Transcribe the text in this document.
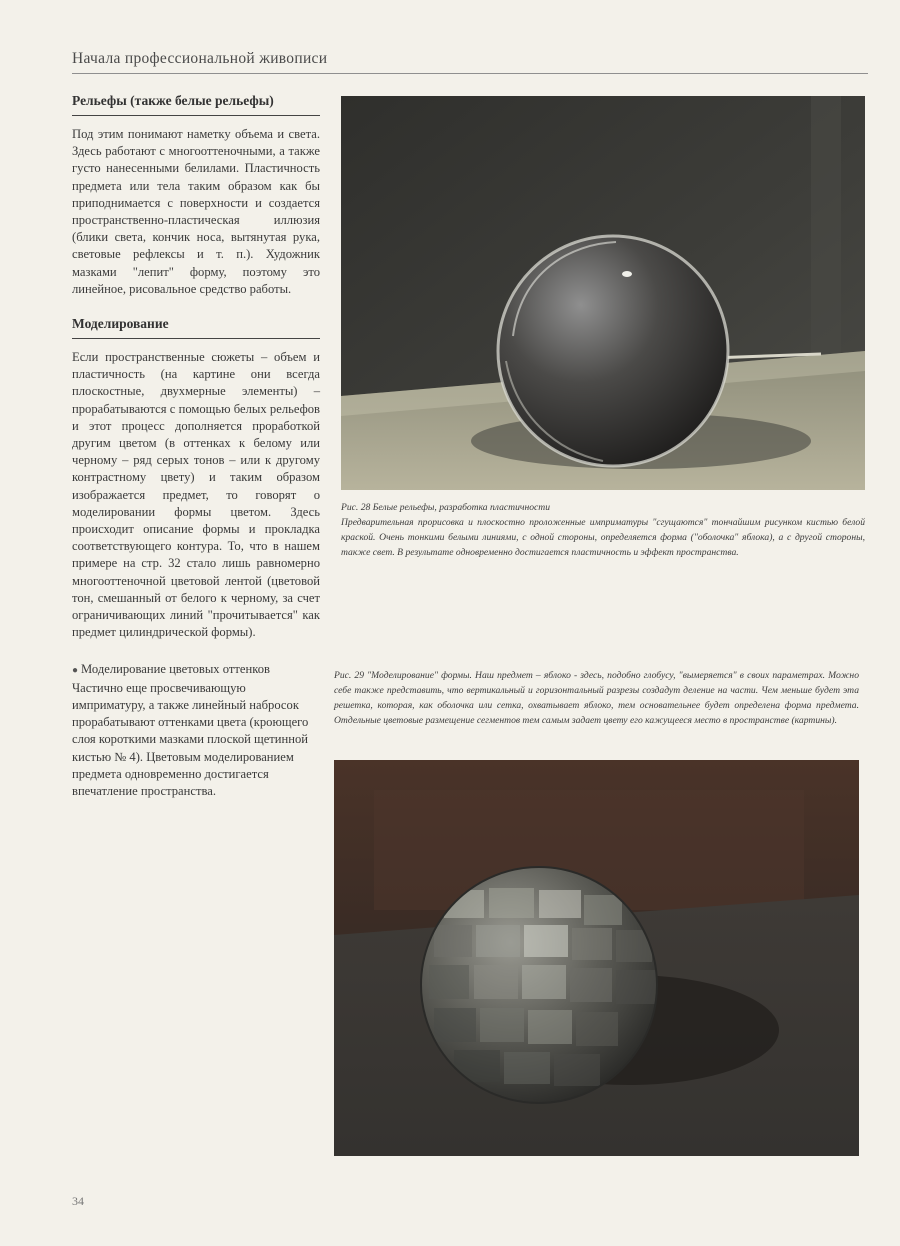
Начала профессиональной живописи
Рельефы (также белые рельефы)

Под этим понимают наметку объема и света. Здесь работают с многооттеночными, а также густо нанесенными белилами. Пластичность предмета или тела таким образом как бы приподнимается с поверхности и создается пространственно-пластическая иллюзия (блики света, кончик носа, вытянутая рука, световые рефлексы и т. п.). Художник мазками "лепит" форму, поэтому это линейное, рисовальное средство работы.

Моделирование

Если пространственные сюжеты – объем и пластичность (на картине они всегда плоскостные, двухмерные элементы) – прорабатываются с помощью белых рельефов и этот процесс дополняется проработкой другим цветом (в оттенках к белому или черному – ряд серых тонов – или к другому контрастному цвету) и таким образом изображается предмет, то говорят о моделировании формы цветом. Здесь происходит описание формы и прокладка соответствующего контура. То, что в нашем примере на стр. 32 стало лишь равномерно многооттеночной цветовой лентой (цветовой тон, смешанный от белого к черному, за счет ограничивающих линий "прочитывается" как предмет цилиндрической формы).

● Моделирование цветовых оттенков

Частично еще просвечивающую имприматуру, а также линейный набросок прорабатывают оттенками цвета (кроющего слоя короткими мазками плоской щетинной кистью № 4). Цветовым моделированием предмета одновременно достигается впечатление пространства.

Рис. 28 Белые рельефы, разработка пластичности
Предварительная прорисовка и плоскостно проложенные имприматуры "сгущаются" тончайшим рисунком кистью белой краской. Очень тонкими белыми линиями, с одной стороны, определяется форма ("оболочка" яблока), а с другой стороны, также свет. В результате одновременно достигается пластичность и эффект пространства.
Рис. 29 "Моделирование" формы. Наш предмет – яблоко - здесь, подобно глобусу, "вымеряется" в своих параметрах. Можно себе также представить, что вертикальный и горизонтальный разрезы создадут деление на части. Чем меньше будет эта решетка, которая, как оболочка или сетка, охватывает яблоко, тем основательнее будет определена форма предмета. Отдельные цветовые размещение сегментов тем самым задает цвету его кажущееся место в пространстве (картины).
34
